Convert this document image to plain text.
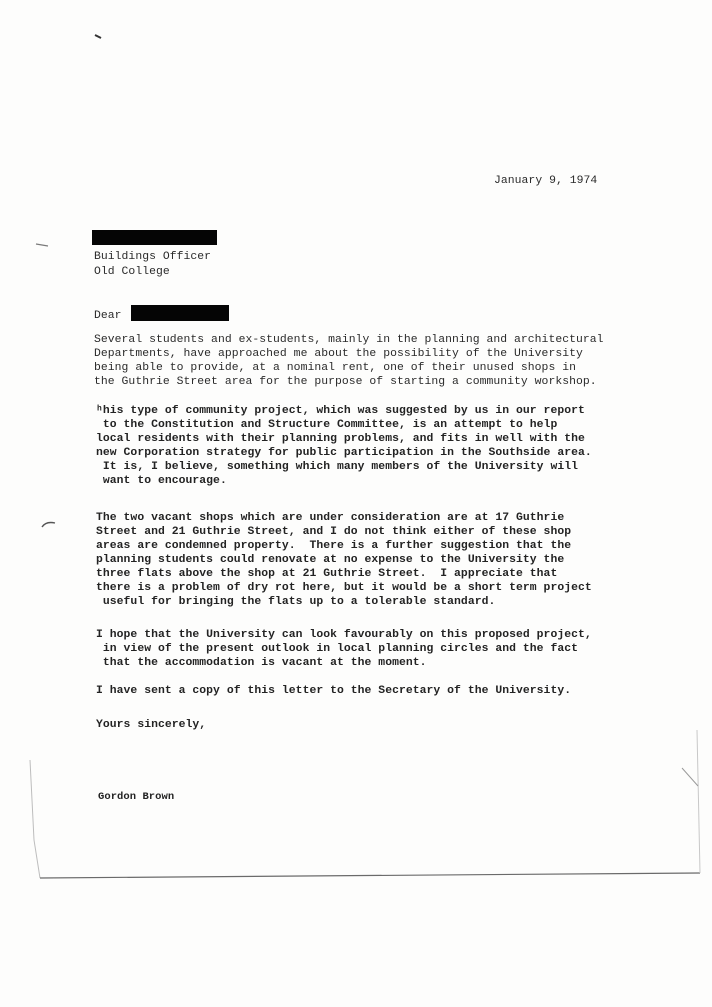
January 9, 1974
Buildings Officer
Old College
Dear
Several students and ex-students, mainly in the planning and architectural
Departments, have approached me about the possibility of the University
being able to provide, at a nominal rent, one of their unused shops in
the Guthrie Street area for the purpose of starting a community workshop.
ʰhis type of community project, which was suggested by us in our report
to the Constitution and Structure Committee, is an attempt to help
local residents with their planning problems, and fits in well with the
new Corporation strategy for public participation in the Southside area.
It is, I believe, something which many members of the University will
want to encourage.
The two vacant shops which are under consideration are at 17 Guthrie
Street and 21 Guthrie Street, and I do not think either of these shop
areas are condemned property.  There is a further suggestion that the
planning students could renovate at no expense to the University the
three flats above the shop at 21 Guthrie Street.  I appreciate that
there is a problem of dry rot here, but it would be a short term project
useful for bringing the flats up to a tolerable standard.
I hope that the University can look favourably on this proposed project,
in view of the present outlook in local planning circles and the fact
that the accommodation is vacant at the moment.
I have sent a copy of this letter to the Secretary of the University.
Yours sincerely,
Gordon Brown
